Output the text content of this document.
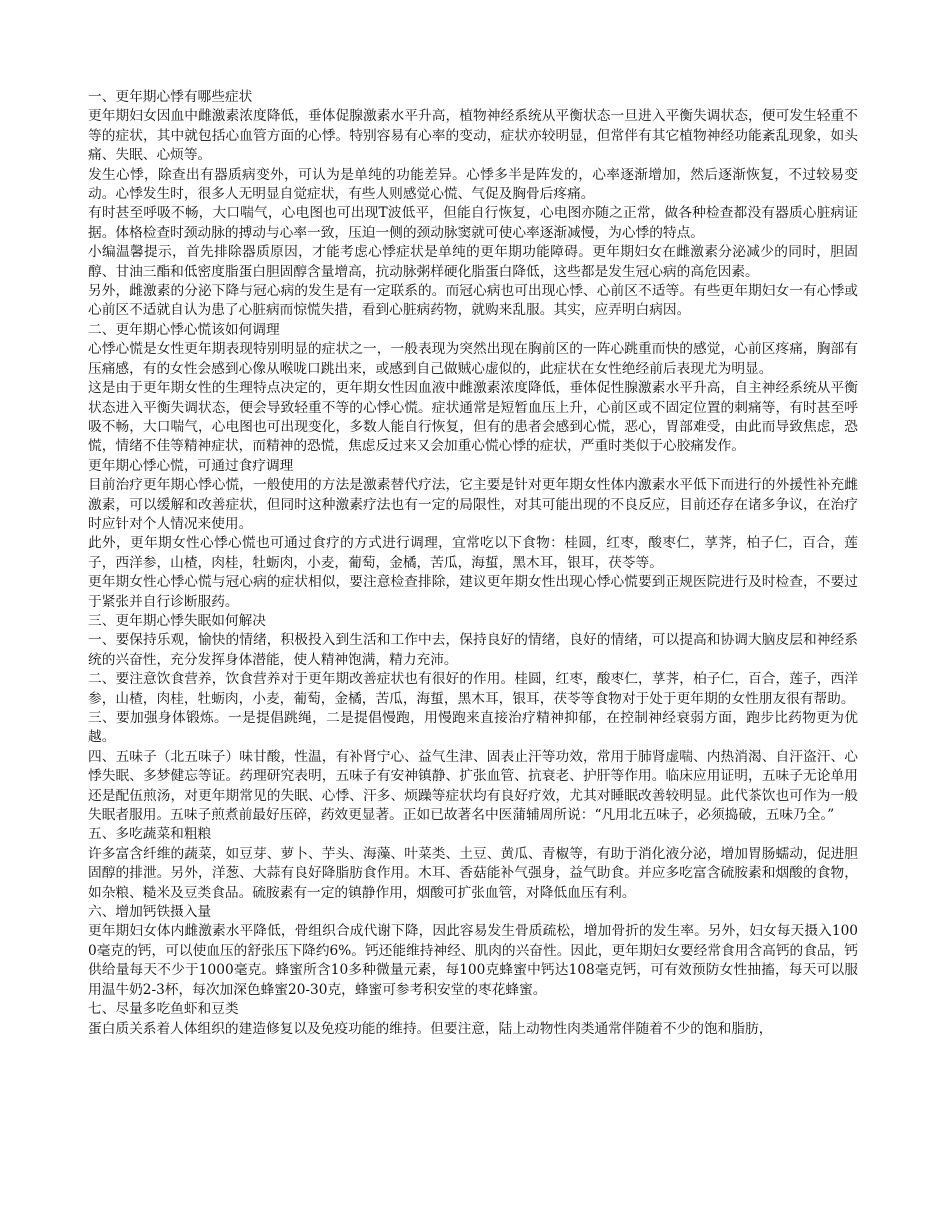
一、更年期心悸有哪些症状

更年期妇女因血中雌激素浓度降低，垂体促腺激素水平升高，植物神经系统从平衡状态一旦进入平衡失调状态，便可发生轻重不等的症状，其中就包括心血管方面的心悸。特别容易有心率的变动，症状亦较明显，但常伴有其它植物神经功能紊乱现象，如头痛、失眠、心烦等。

发生心悸，除查出有器质病变外，可认为是单纯的功能差异。心悸多半是阵发的，心率逐渐增加，然后逐渐恢复，不过较易变动。心悸发生时，很多人无明显自觉症状，有些人则感觉心慌、气促及胸骨后疼痛。

有时甚至呼吸不畅，大口喘气，心电图也可出现T波低平，但能自行恢复，心电图亦随之正常，做各种检查都没有器质心脏病证据。体格检查时颈动脉的搏动与心率一致，压迫一侧的颈动脉窦就可使心率逐渐减慢，为心悸的特点。

小编温馨提示，首先排除器质原因，才能考虑心悸症状是单纯的更年期功能障碍。更年期妇女在雌激素分泌减少的同时，胆固醇、甘油三酯和低密度脂蛋白胆固醇含量增高，抗动脉粥样硬化脂蛋白降低，这些都是发生冠心病的高危因素。

另外，雌激素的分泌下降与冠心病的发生是有一定联系的。而冠心病也可出现心悸、心前区不适等。有些更年期妇女一有心悸或心前区不适就自认为患了心脏病而惊慌失措，看到心脏病药物，就购来乱服。其实，应弄明白病因。

二、更年期心悸心慌该如何调理

心悸心慌是女性更年期表现特别明显的症状之一，一般表现为突然出现在胸前区的一阵心跳重而快的感觉，心前区疼痛，胸部有压痛感，有的女性会感到心像从喉咙口跳出来，或感到自己做贼心虚似的，此症状在女性绝经前后表现尤为明显。

这是由于更年期女性的生理特点决定的，更年期女性因血液中雌激素浓度降低，垂体促性腺激素水平升高，自主神经系统从平衡状态进入平衡失调状态，便会导致轻重不等的心悸心慌。症状通常是短暂血压上升，心前区或不固定位置的刺痛等，有时甚至呼吸不畅，大口喘气，心电图也可出现变化，多数人能自行恢复，但有的患者会感到心慌，恶心，胃部难受，由此而导致焦虑，恐慌，情绪不佳等精神症状，而精神的恐慌，焦虑反过来又会加重心慌心悸的症状，严重时类似于心胶痛发作。

更年期心悸心慌，可通过食疗调理

目前治疗更年期心悸心慌，一般使用的方法是激素替代疗法，它主要是针对更年期女性体内激素水平低下而进行的外援性补充雌激素，可以缓解和改善症状，但同时这种激素疗法也有一定的局限性，对其可能出现的不良反应，目前还存在诸多争议，在治疗时应针对个人情况来使用。

此外，更年期女性心悸心慌也可通过食疗的方式进行调理，宜常吃以下食物：桂圆，红枣，酸枣仁，莩荠，柏子仁，百合，莲子，西洋参，山楂，肉桂，牡蛎肉，小麦，葡萄，金橘，苦瓜，海蜇，黑木耳，银耳，茯苓等。

更年期女性心悸心慌与冠心病的症状相似，要注意检查排除，建议更年期女性出现心悸心慌要到正规医院进行及时检查，不要过于紧张并自行诊断服药。

三、更年期心悸失眠如何解决

一、要保持乐观，愉快的情绪，积极投入到生活和工作中去，保持良好的情绪，良好的情绪，可以提高和协调大脑皮层和神经系统的兴奋性，充分发挥身体潜能，使人精神饱满，精力充沛。

二、要注意饮食营养，饮食营养对于更年期改善症状也有很好的作用。桂圆，红枣，酸枣仁，莩荠，柏子仁，百合，莲子，西洋参，山楂，肉桂，牡蛎肉，小麦，葡萄，金橘，苦瓜，海蜇，黑木耳，银耳，茯苓等食物对于处于更年期的女性朋友很有帮助。

三、要加强身体锻炼。一是提倡跳绳，二是提倡慢跑，用慢跑来直接治疗精神抑郁，在控制神经衰弱方面，跑步比药物更为优越。

四、五味子（北五味子）味甘酸，性温，有补肾宁心、益气生津、固表止汗等功效，常用于肺肾虚喘、内热消渴、自汗盗汗、心悸失眠、多梦健忘等证。药理研究表明，五味子有安神镇静、扩张血管、抗衰老、护肝等作用。临床应用证明，五味子无论单用还是配伍煎汤，对更年期常见的失眠、心悸、汗多、烦躁等症状均有良好疗效，尤其对睡眠改善较明显。此代茶饮也可作为一般失眠者服用。五味子煎煮前最好压碎，药效更显著。正如已故著名中医蒲辅周所说：“凡用北五味子，必须捣破，五味乃全。”

五、多吃蔬菜和粗粮

许多富含纤维的蔬菜，如豆芽、萝卜、芋头、海藻、叶菜类、土豆、黄瓜、青椒等，有助于消化液分泌，增加胃肠蠕动，促进胆固醇的排泄。另外，洋葱、大蒜有良好降脂肪食作用。木耳、香菇能补气强身，益气助食。并应多吃富含硫胺素和烟酸的食物，如杂粮、糙米及豆类食品。硫胺素有一定的镇静作用，烟酸可扩张血管，对降低血压有利。

六、增加钙铁摄入量

更年期妇女体内雌激素水平降低，骨组织合成代谢下降，因此容易发生骨质疏松，增加骨折的发生率。另外，妇女每天摄入1000毫克的钙，可以使血压的舒张压下降约6%。钙还能维持神经、肌肉的兴奋性。因此，更年期妇女要经常食用含高钙的食品，钙供给量每天不少于1000毫克。蜂蜜所含10多种微量元素，每100克蜂蜜中钙达108毫克钙，可有效预防女性抽搐，每天可以服用温牛奶2-3杯，每次加深色蜂蜜20-30克，蜂蜜可参考积安堂的枣花蜂蜜。

七、尽量多吃鱼虾和豆类

蛋白质关系着人体组织的建造修复以及免疫功能的维持。但要注意，陆上动物性肉类通常伴随着不少的饱和脂肪，
